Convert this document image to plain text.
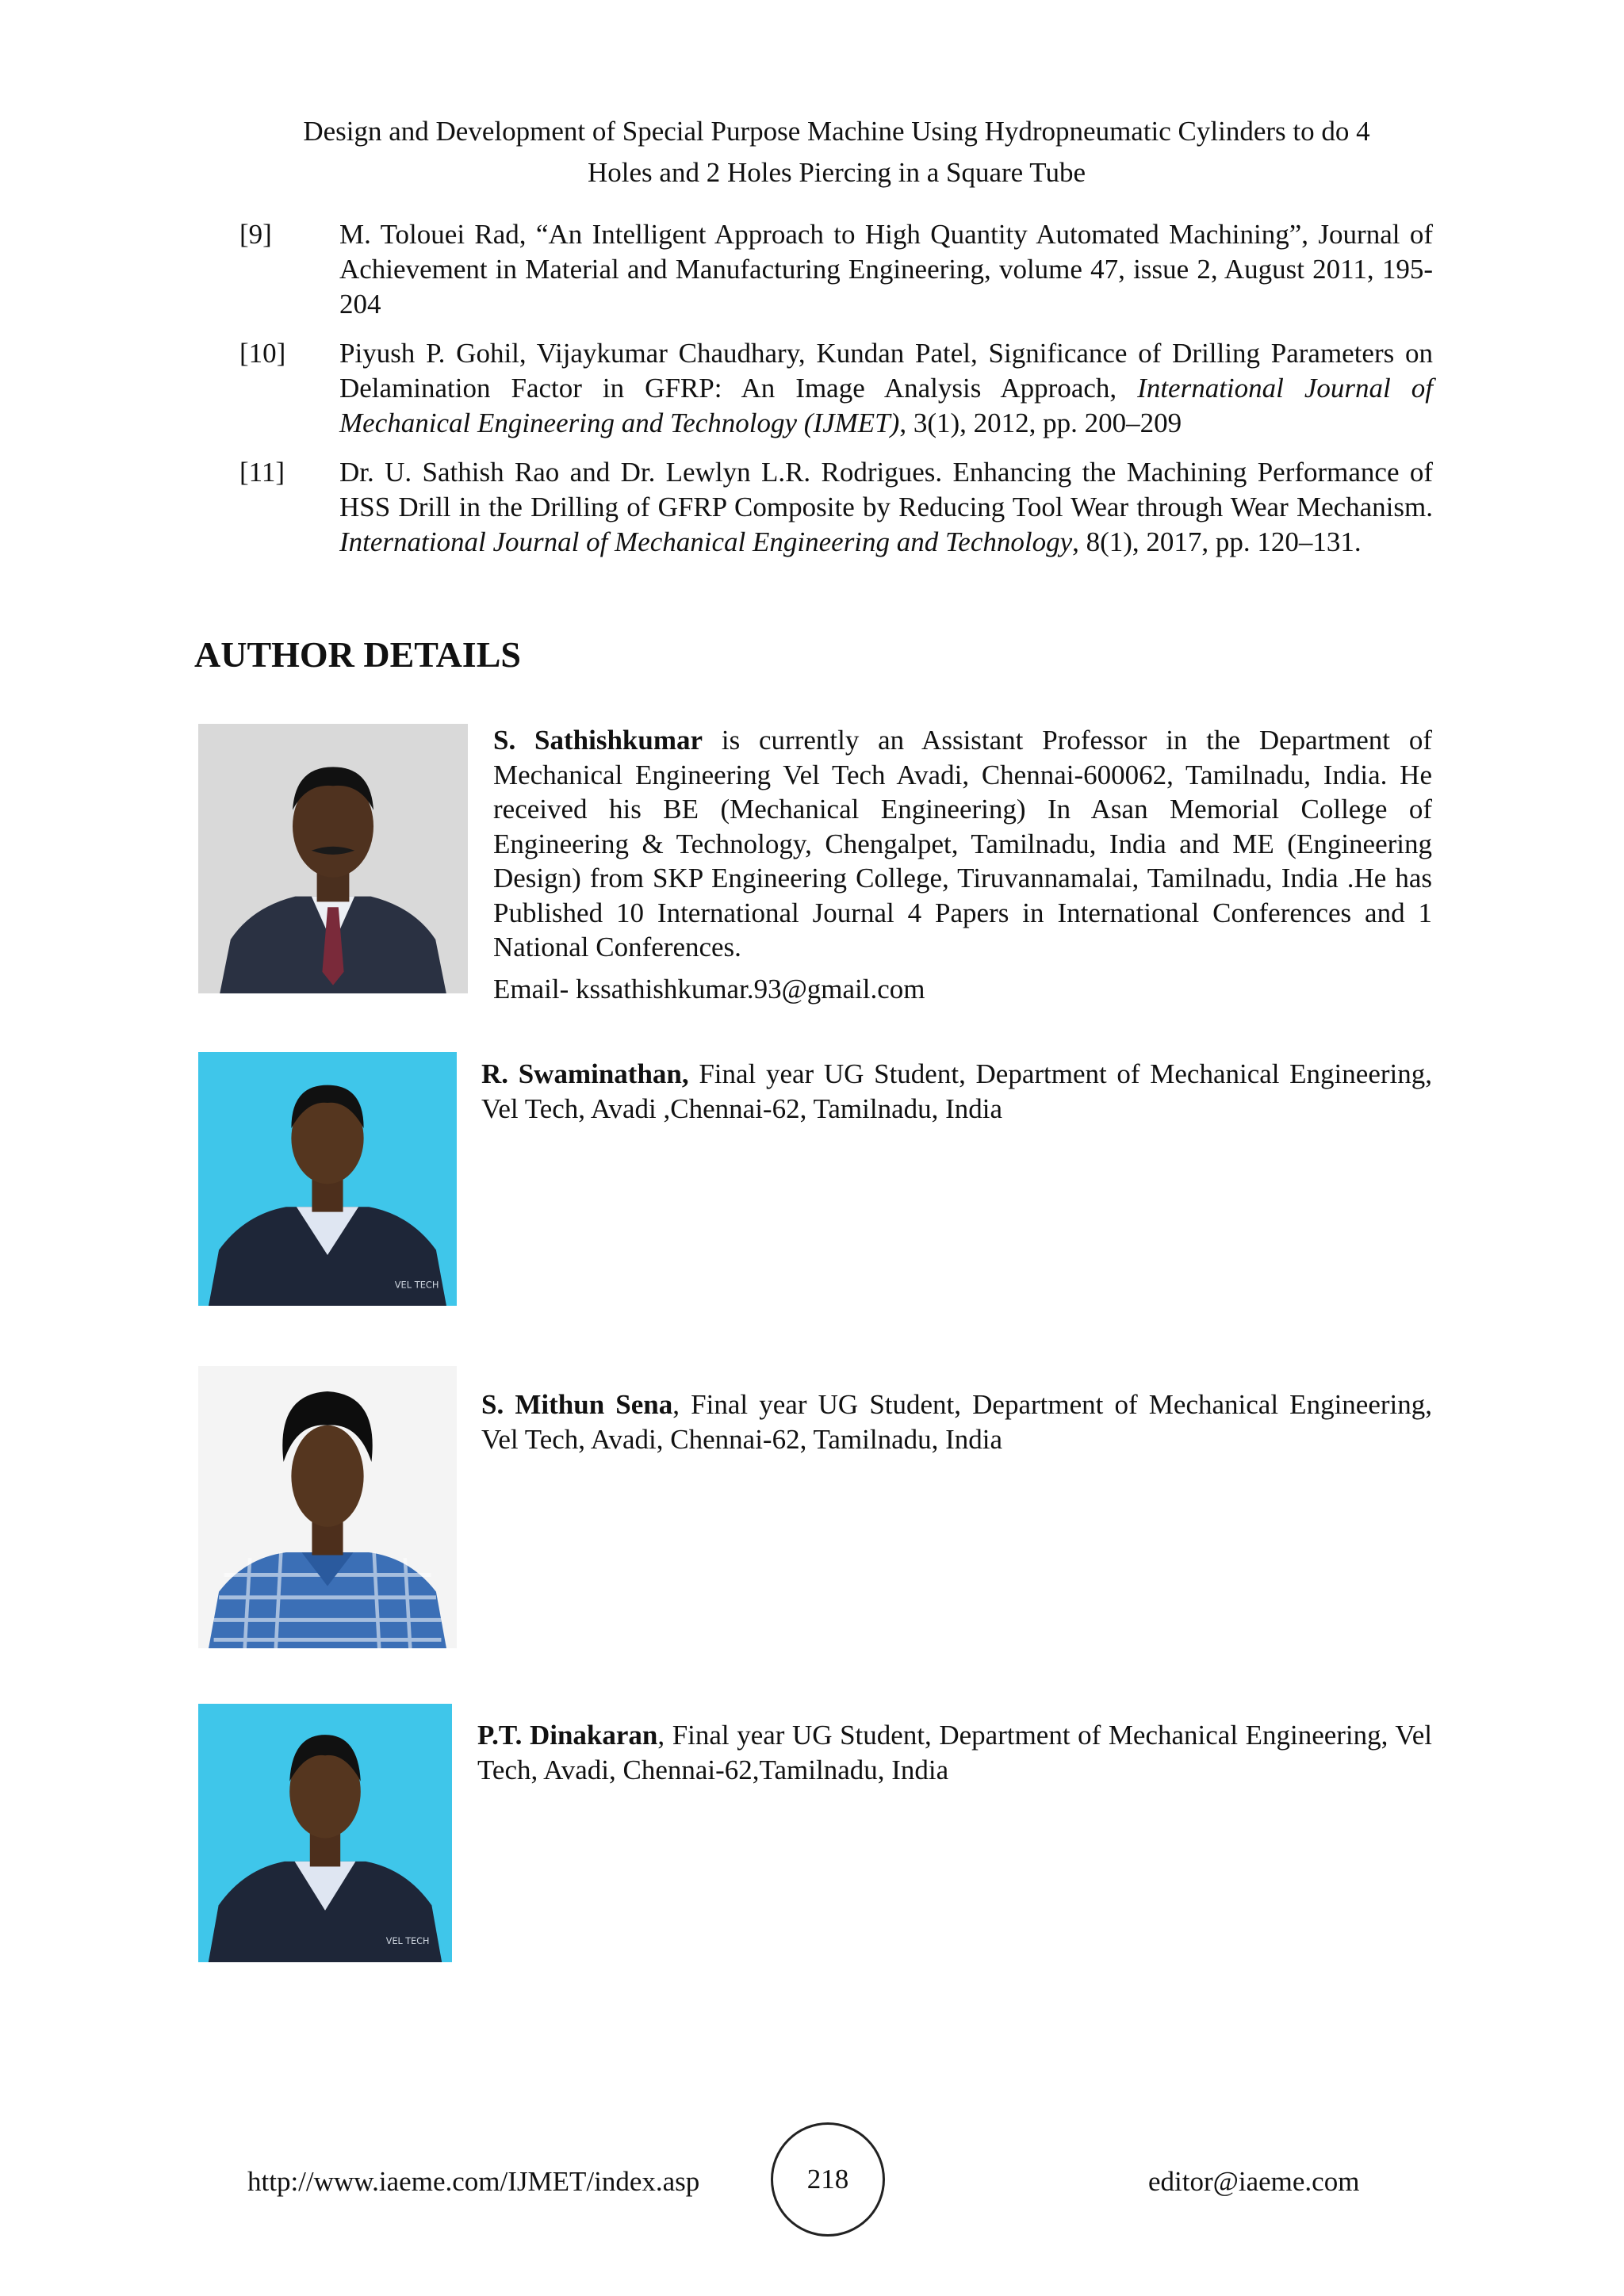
Design and Development of Special Purpose Machine Using Hydropneumatic Cylinders to do 4
Holes and 2 Holes Piercing in a Square Tube
[9]	M. Tolouei Rad, “An Intelligent Approach to High Quantity Automated Machining”, Journal of Achievement in Material and Manufacturing Engineering, volume 47, issue 2, August 2011, 195-204
[10]	Piyush P. Gohil, Vijaykumar Chaudhary, Kundan Patel, Significance of Drilling Parameters on Delamination Factor in GFRP: An Image Analysis Approach, International Journal of Mechanical Engineering and Technology (IJMET), 3(1), 2012, pp. 200–209
[11]	Dr. U. Sathish Rao and Dr. Lewlyn L.R. Rodrigues. Enhancing the Machining Performance of HSS Drill in the Drilling of GFRP Composite by Reducing Tool Wear through Wear Mechanism. International Journal of Mechanical Engineering and Technology, 8(1), 2017, pp. 120–131.
AUTHOR DETAILS
S. Sathishkumar is currently an Assistant Professor in the Department of Mechanical Engineering Vel Tech Avadi, Chennai-600062, Tamilnadu, India. He received his BE (Mechanical Engineering) In Asan Memorial College of Engineering & Technology, Chengalpet, Tamilnadu, India and ME (Engineering Design) from SKP Engineering College, Tiruvannamalai, Tamilnadu, India .He has Published 10 International Journal 4 Papers in International Conferences and 1 National Conferences.
Email- kssathishkumar.93@gmail.com
VEL TECH
R. Swaminathan, Final year UG Student, Department of Mechanical Engineering, Vel Tech, Avadi ,Chennai-62, Tamilnadu, India
S. Mithun Sena, Final year UG Student, Department of Mechanical Engineering, Vel Tech, Avadi, Chennai-62, Tamilnadu, India
VEL TECH
P.T. Dinakaran, Final year UG Student, Department of Mechanical Engineering, Vel Tech, Avadi, Chennai-62,Tamilnadu, India
http://www.iaeme.com/IJMET/index.asp	218	editor@iaeme.com
